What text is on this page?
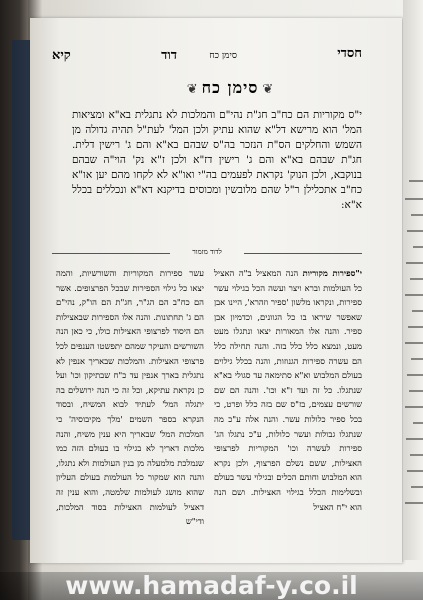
חסדי
סימן כח
דוד
קיא
❦סימן כח❦

י"ס מקוריות הם כח"ב חג"ת נהי"ם והמלכות לא נתגלית בא"א ומציאות המל' הוא מרישא דל"א שהוא עתיק ולכן המל' לעת"ל תהיה גדולה מן השמש והחלקים הס"ת הנזכר בה"ס שבהם בא"א והם ג' רישין דלית. חג"ת שבהם בא"א והם ג' רישין דז"א ולכן ז"א נק' הוי"ה שבהם בנוקבא, ולכן הנוק' נקראת לפעמים בה"י ואו"א לא לקחו מהם יען או"א כח"ב אתכלילן ר"ל שהם מלובשין ומכוסים בדיקנא דא"א ונכללים בכלל א"א:

לדוד מזמור

י"ספירות מקוריות הנה המאציל ב"ה האציל כל העולמות וברא ויצר ועשה הכל בגילוי עשר ספירות, ונקראו מלשון 'ספיר וזהרא', היינו אבן שאפשר שיראו בו כל הגוונים, וכדמיון אבן ספיר. והנה אלו המאורות יצאו ונתגלו מעט מעט, ונמצא כלל כלל בזה. והנה תחילה כלל הם עשרה ספירות הגנוזות, והנה בכלל גילוים בעולם המלבוש וא"א סתימאה עד סגולי בא"א שנתגלו. כל זה ועד ז"א וכו'. והנה הם שם שורשים עצמים, בז"ס שם בזה כלל ופרט, כי בכל ספיר כלולות עשר. והנה אלה ע"כ מה שנתגלו גבולות ועשר כלולות, ע"כ נתגלו הג' ספירות לעשרה וכו' המקוריות לפרצופי האצילות, ששם נשלם הפרצוף, ולכן נקרא הוא המלבוש וחותם הכלים ובגילוי עשר בעולם ובשלימות הכלל בגילוי האצילות. ושם הנה הוא י"ח האציל

עשר ספירות המקוריות והשורשיות, והמה יצאו כל גילוי הספירות שבכל הפרצופים. אשר הם כח"ב הם הג"ר, חג"ת הם הו"ק, נהי"ם הם ג' תחתונות. והנה אלו הספירות שבאצילות הם היסוד לפרצופי האצילות כולו, כי כאן הנה השורשים והעיקר שמהם יתפשטו הענפים לכל פרצופי האצילות. והמלכות שבאריך אנפין לא נתגלית בארך אנפין עד כ"ח שבתיקון וכו' ועל כן נקראת עתיקא, וכל זה כי הנה ירושלים בה יתגלה המל' לעתיד לבוא המשיח, ובסוד הנקרא בספר השמים 'מלך מקיבוסיה' כי המלכות המל' שבאריך היא ענין משיח, והנה מלכות דאריך לא בגילוי בו בעולם הזה כמו שנמלכת מלמעלה מן בנין העולמות ולא נתגלו, והנה הוא שמקור כל העולמות בעולם העליון שהוא מושג לעולמות שלמטה, והוא ענין זה דאציל לעולמות האצילות בסוד המלכות, ודי"ש

www.hamadaf-y.co.il
